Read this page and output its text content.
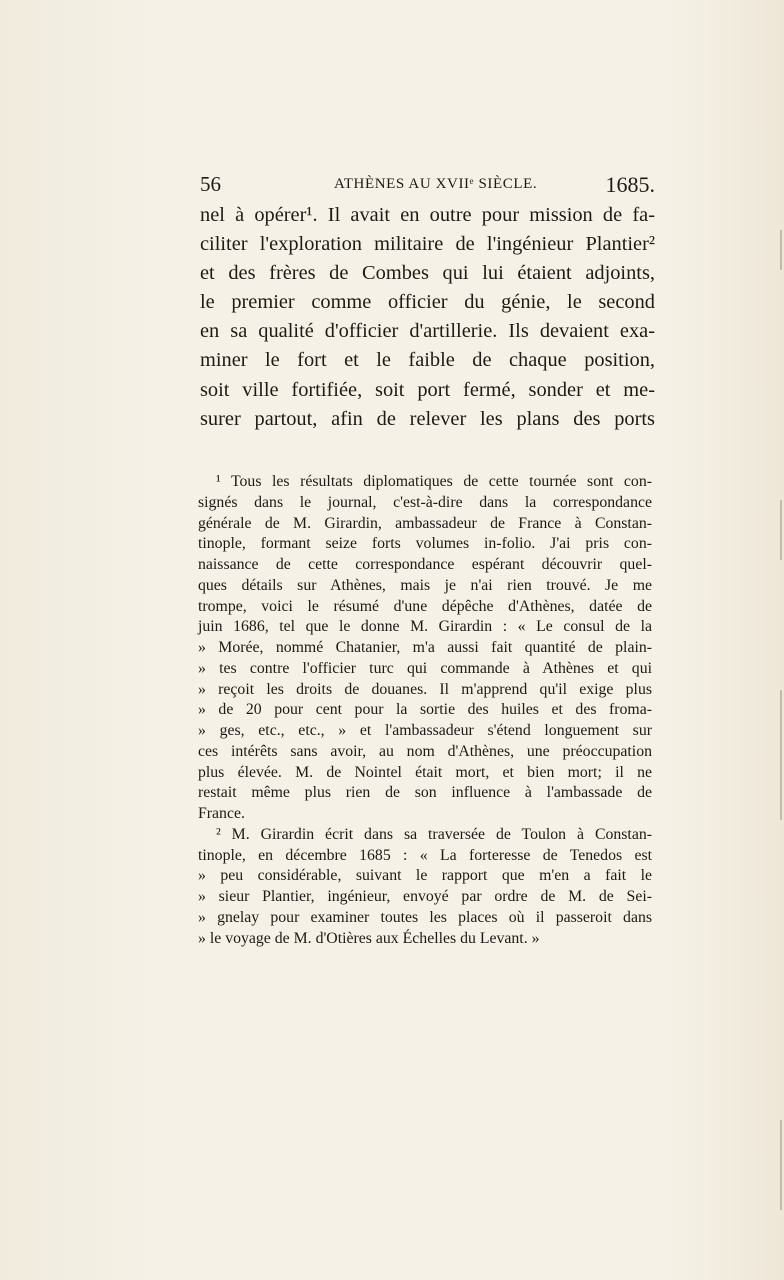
56	ATHÈNES AU XVIIᵉ SIÈCLE.	1685.
nel à opérer¹. Il avait en outre pour mission de fa-
ciliter l'exploration militaire de l'ingénieur Plantier²
et des frères de Combes qui lui étaient adjoints,
le premier comme officier du génie, le second
en sa qualité d'officier d'artillerie. Ils devaient exa-
miner le fort et le faible de chaque position,
soit ville fortifiée, soit port fermé, sonder et me-
surer partout, afin de relever les plans des ports
¹ Tous les résultats diplomatiques de cette tournée sont con-
signés dans le journal, c'est-à-dire dans la correspondance
générale de M. Girardin, ambassadeur de France à Constan-
tinople, formant seize forts volumes in-folio. J'ai pris con-
naissance de cette correspondance espérant découvrir quel-
ques détails sur Athènes, mais je n'ai rien trouvé. Je me
trompe, voici le résumé d'une dépêche d'Athènes, datée de
juin 1686, tel que le donne M. Girardin : « Le consul de la
» Morée, nommé Chatanier, m'a aussi fait quantité de plain-
» tes contre l'officier turc qui commande à Athènes et qui
» reçoit les droits de douanes. Il m'apprend qu'il exige plus
» de 20 pour cent pour la sortie des huiles et des froma-
» ges, etc., etc., » et l'ambassadeur s'étend longuement sur
ces intérêts sans avoir, au nom d'Athènes, une préoccupation
plus élevée. M. de Nointel était mort, et bien mort; il ne
restait même plus rien de son influence à l'ambassade de
France.
² M. Girardin écrit dans sa traversée de Toulon à Constan-
tinople, en décembre 1685 : « La forteresse de Tenedos est
» peu considérable, suivant le rapport que m'en a fait le
» sieur Plantier, ingénieur, envoyé par ordre de M. de Sei-
» gnelay pour examiner toutes les places où il passeroit dans
» le voyage de M. d'Otières aux Échelles du Levant. »
